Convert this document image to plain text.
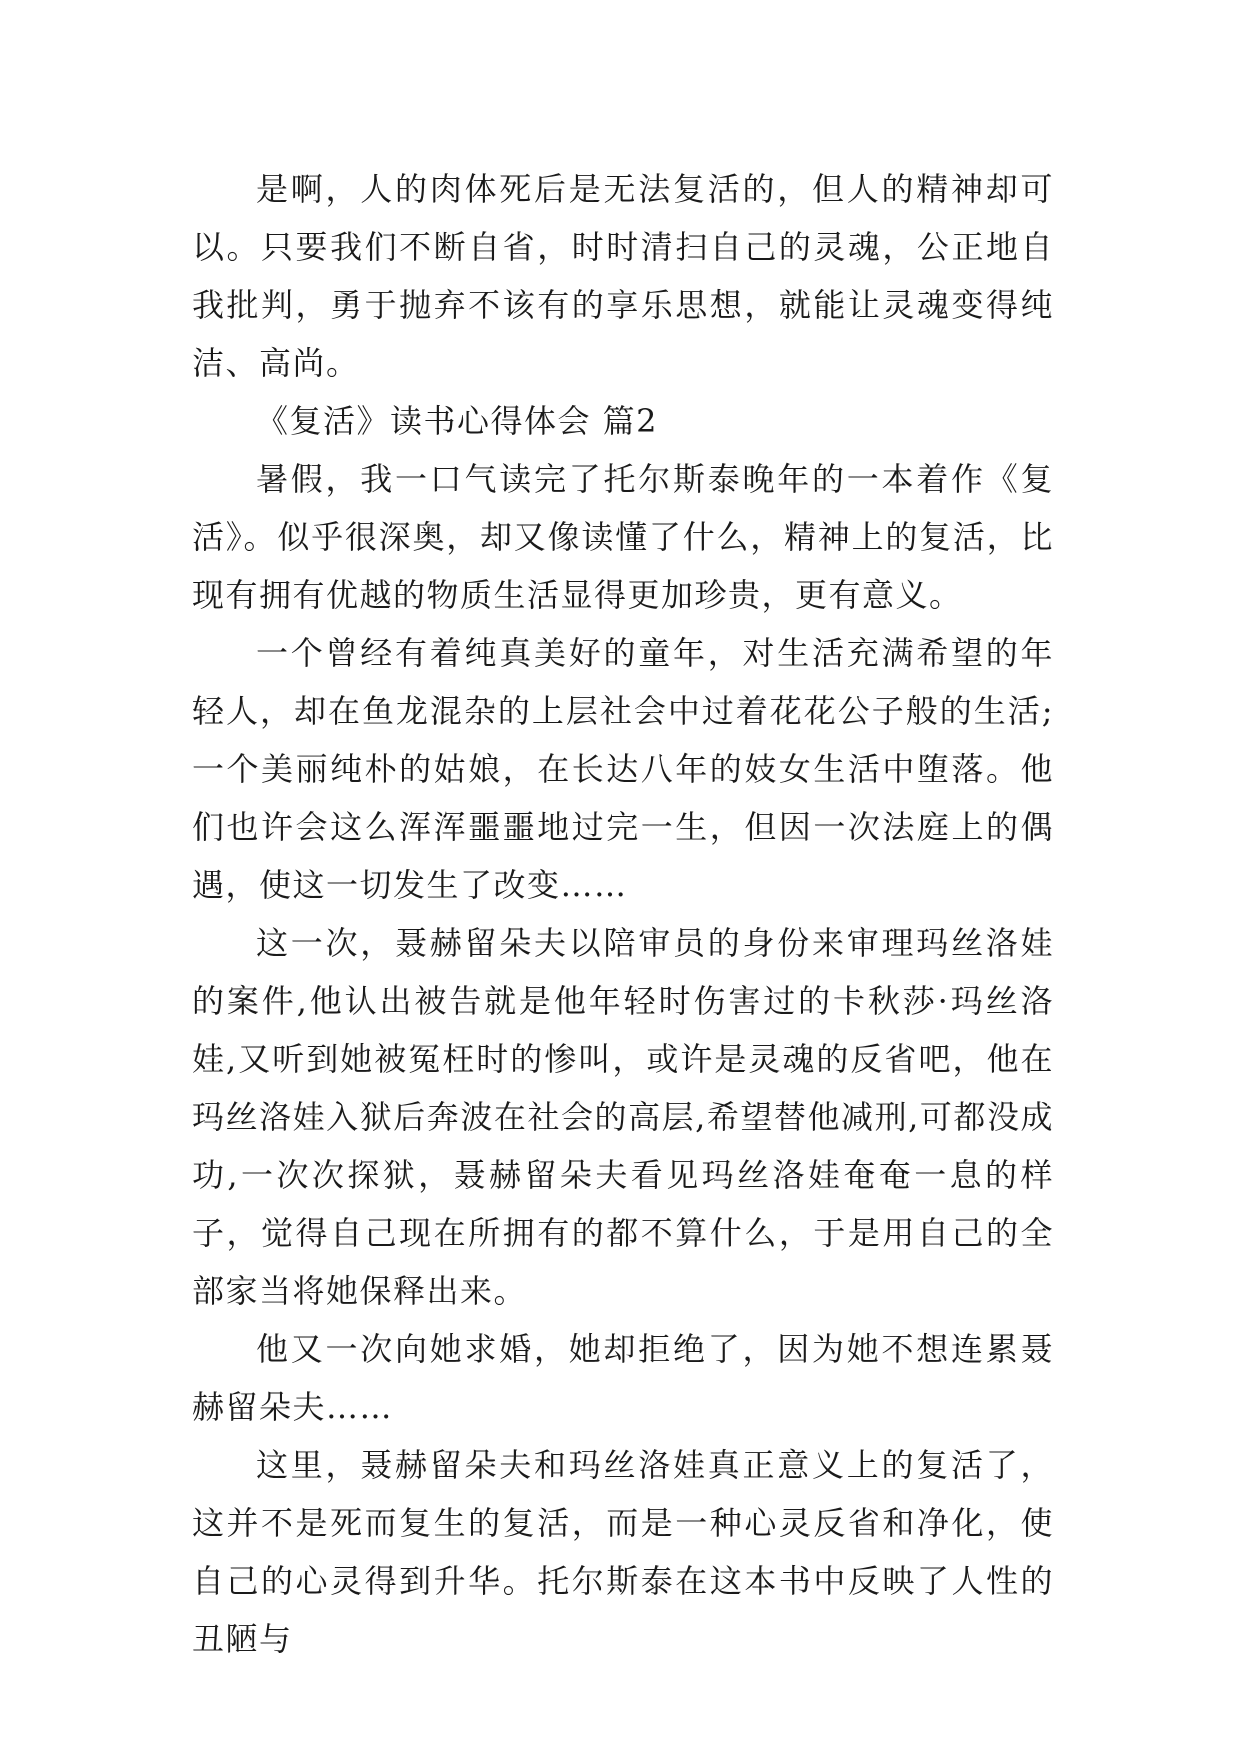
是啊，人的肉体死后是无法复活的，但人的精神却可以。只要我们不断自省，时时清扫自己的灵魂，公正地自我批判，勇于抛弃不该有的享乐思想，就能让灵魂变得纯洁、高尚。

《复活》读书心得体会 篇2

暑假，我一口气读完了托尔斯泰晚年的一本着作《复活》。似乎很深奥，却又像读懂了什么，精神上的复活，比现有拥有优越的物质生活显得更加珍贵，更有意义。

一个曾经有着纯真美好的童年，对生活充满希望的年轻人，却在鱼龙混杂的上层社会中过着花花公子般的生活;一个美丽纯朴的姑娘，在长达八年的妓女生活中堕落。他们也许会这么浑浑噩噩地过完一生，但因一次法庭上的偶遇，使这一切发生了改变……

这一次，聂赫留朵夫以陪审员的身份来审理玛丝洛娃的案件,他认出被告就是他年轻时伤害过的卡秋莎·玛丝洛娃,又听到她被冤枉时的惨叫，或许是灵魂的反省吧，他在玛丝洛娃入狱后奔波在社会的高层,希望替他减刑,可都没成功,一次次探狱，聂赫留朵夫看见玛丝洛娃奄奄一息的样子，觉得自己现在所拥有的都不算什么，于是用自己的全部家当将她保释出来。

他又一次向她求婚，她却拒绝了，因为她不想连累聂赫留朵夫……

这里，聂赫留朵夫和玛丝洛娃真正意义上的复活了，这并不是死而复生的复活，而是一种心灵反省和净化，使自己的心灵得到升华。托尔斯泰在这本书中反映了人性的丑陋与
